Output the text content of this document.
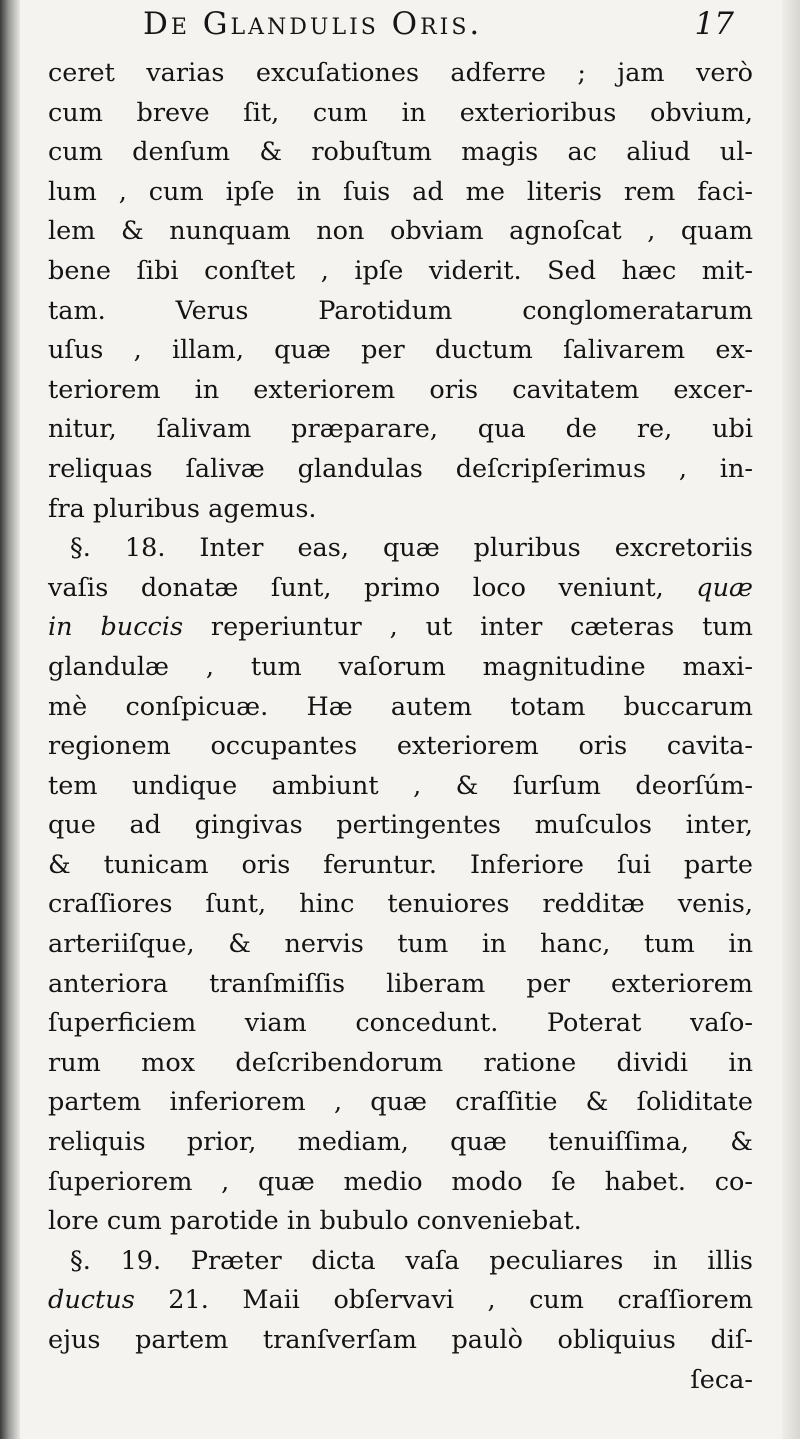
De Glandulis Oris.	17
ceret varias excuſationes adferre ; jam verò
cum breve ſit, cum in exterioribus obvium,
cum denſum & robuſtum magis ac aliud ul-
lum , cum ipſe in ſuis ad me literis rem faci-
lem & nunquam non obviam agnoſcat , quam
bene ſibi conſtet , ipſe viderit. Sed hæc mit-
tam. Verus Parotidum conglomeratarum
uſus , illam, quæ per ductum ſalivarem ex-
teriorem in exteriorem oris cavitatem excer-
nitur, ſalivam præparare, qua de re, ubi
reliquas ſalivæ glandulas deſcripſerimus , in-
fra pluribus agemus.
§. 18. Inter eas, quæ pluribus excretoriis
vaſis donatæ ſunt, primo loco veniunt, quæ
in buccis reperiuntur , ut inter cæteras tum
glandulæ , tum vaſorum magnitudine maxi-
mè conſpicuæ. Hæ autem totam buccarum
regionem occupantes exteriorem oris cavita-
tem undique ambiunt , & ſurſum deorſúm-
que ad gingivas pertingentes muſculos inter,
& tunicam oris feruntur. Inferiore ſui parte
craſſiores ſunt, hinc tenuiores redditæ venis,
arteriiſque, & nervis tum in hanc, tum in
anteriora tranſmiſſis liberam per exteriorem
ſuperficiem viam concedunt. Poterat vaſo-
rum mox deſcribendorum ratione dividi in
partem inferiorem , quæ craſſitie & ſoliditate
reliquis prior, mediam, quæ tenuiſſima, &
ſuperiorem , quæ medio modo ſe habet. co-
lore cum parotide in bubulo conveniebat.
§. 19. Præter dicta vaſa peculiares in illis
ductus 21. Maii obſervavi , cum craſſiorem
ejus partem tranſverſam paulò obliquius diſ-
ſeca-
